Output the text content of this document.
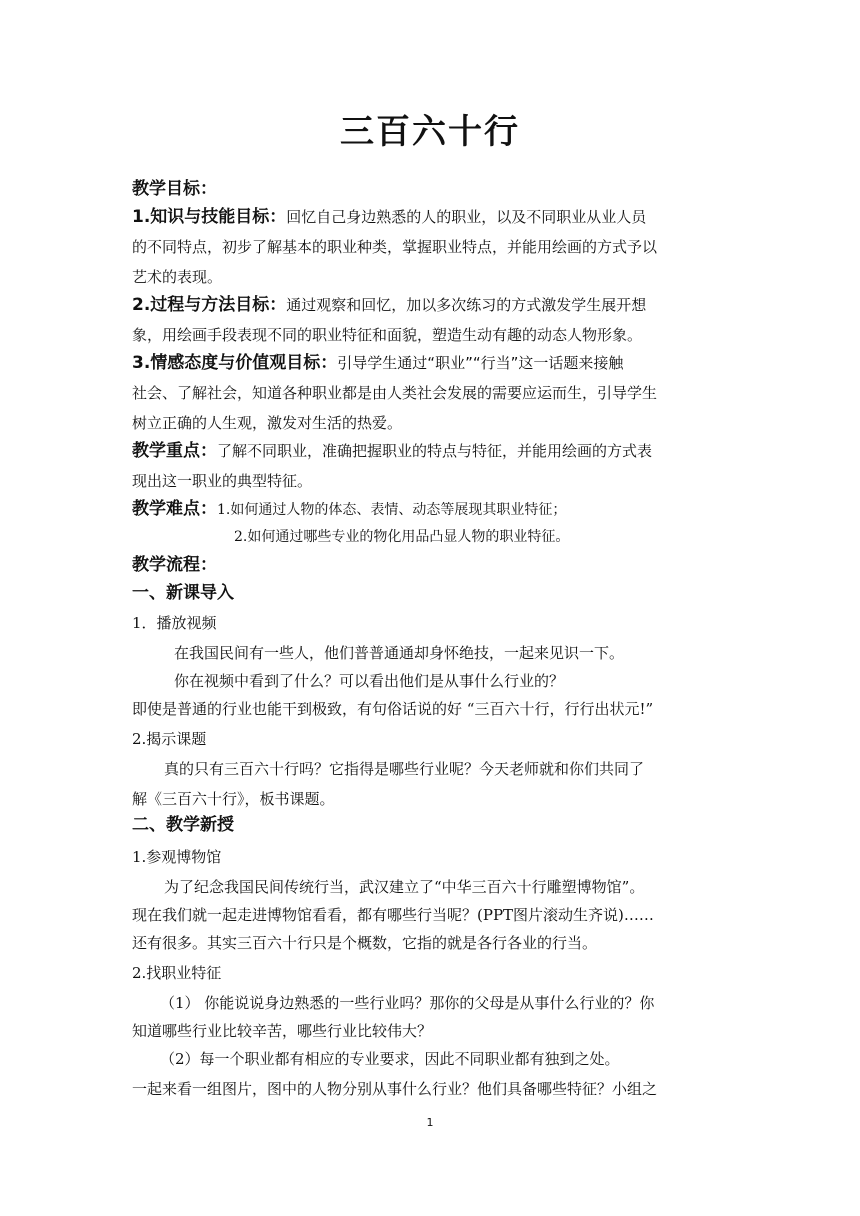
三百六十行
教学目标：
1.知识与技能目标：回忆自己身边熟悉的人的职业，以及不同职业从业人员
的不同特点，初步了解基本的职业种类，掌握职业特点，并能用绘画的方式予以
艺术的表现。
2.过程与方法目标：通过观察和回忆，加以多次练习的方式激发学生展开想
象，用绘画手段表现不同的职业特征和面貌，塑造生动有趣的动态人物形象。
3.情感态度与价值观目标：引导学生通过“职业”“行当”这一话题来接触
社会、了解社会，知道各种职业都是由人类社会发展的需要应运而生，引导学生
树立正确的人生观，激发对生活的热爱。
教学重点：了解不同职业，准确把握职业的特点与特征，并能用绘画的方式表
现出这一职业的典型特征。
教学难点：1.如何通过人物的体态、表情、动态等展现其职业特征；
2.如何通过哪些专业的物化用品凸显人物的职业特征。
教学流程：
一、新课导入
1．播放视频
在我国民间有一些人，他们普普通通却身怀绝技，一起来见识一下。
你在视频中看到了什么？可以看出他们是从事什么行业的？
即使是普通的行业也能干到极致，有句俗话说的好 “三百六十行，行行出状元!”
2.揭示课题
真的只有三百六十行吗？它指得是哪些行业呢？今天老师就和你们共同了
解《三百六十行》，板书课题。
二、教学新授
1.参观博物馆
为了纪念我国民间传统行当，武汉建立了“中华三百六十行雕塑博物馆”。
现在我们就一起走进博物馆看看，都有哪些行当呢？(PPT图片滚动生齐说)……
还有很多。其实三百六十行只是个概数，它指的就是各行各业的行当。
2.找职业特征
（1） 你能说说身边熟悉的一些行业吗？那你的父母是从事什么行业的？你
知道哪些行业比较辛苦，哪些行业比较伟大？
（2）每一个职业都有相应的专业要求，因此不同职业都有独到之处。
一起来看一组图片，图中的人物分别从事什么行业？他们具备哪些特征？小组之
1
